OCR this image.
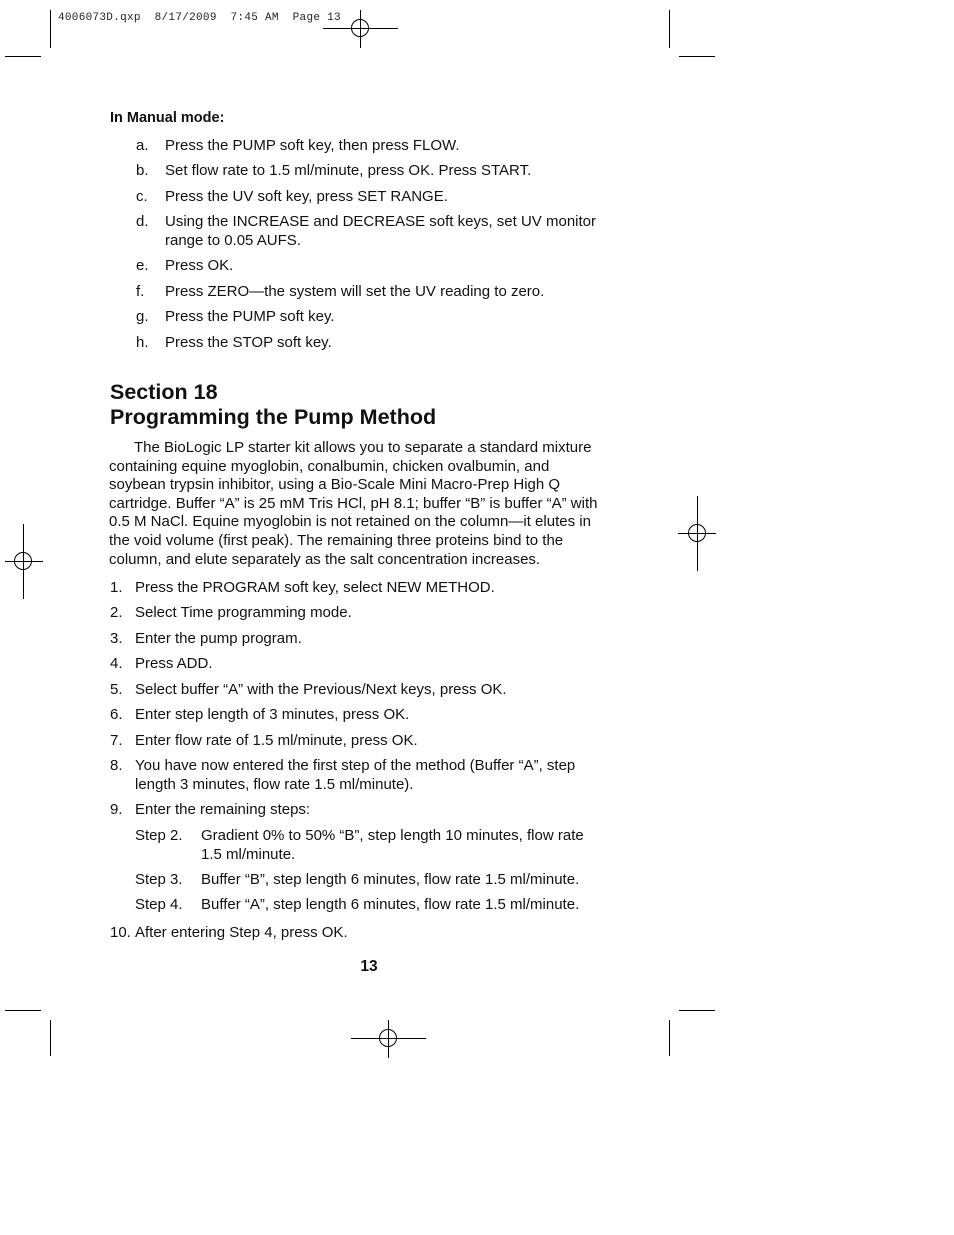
4006073D.qxp  8/17/2009  7:45 AM  Page 13
In Manual mode:
a.	Press the PUMP soft key, then press FLOW.
b.	Set flow rate to 1.5 ml/minute, press OK. Press START.
c.	Press the UV soft key, press SET RANGE.
d.	Using the INCREASE and DECREASE soft keys, set UV monitor range to 0.05 AUFS.
e.	Press OK.
f.	Press ZERO—the system will set the UV reading to zero.
g.	Press the PUMP soft key.
h.	Press the STOP soft key.
Section 18
Programming the Pump Method

The BioLogic LP starter kit allows you to separate a standard mixture containing equine myoglobin, conalbumin, chicken ovalbumin, and soybean trypsin inhibitor, using a Bio-Scale Mini Macro-Prep High Q cartridge. Buffer “A” is 25 mM Tris HCl, pH 8.1; buffer “B” is buffer “A” with 0.5 M NaCl. Equine myoglobin is not retained on the column—it elutes in the void volume (first peak). The remaining three proteins bind to the column, and elute separately as the salt concentration increases.

1. Press the PROGRAM soft key, select NEW METHOD.
2. Select Time programming mode.
3. Enter the pump program.
4. Press ADD.
5. Select buffer “A” with the Previous/Next keys, press OK.
6. Enter step length of 3 minutes, press OK.
7. Enter flow rate of 1.5 ml/minute, press OK.
8. You have now entered the first step of the method (Buffer “A”, step length 3 minutes, flow rate 1.5 ml/minute).
9. Enter the remaining steps:
Step 2.	Gradient 0% to 50% “B”, step length 10 minutes, flow rate 1.5 ml/minute.
Step 3.	Buffer “B”, step length 6 minutes, flow rate 1.5 ml/minute.
Step 4.	Buffer “A”, step length 6 minutes, flow rate 1.5 ml/minute.
10. After entering Step 4, press OK.
13
